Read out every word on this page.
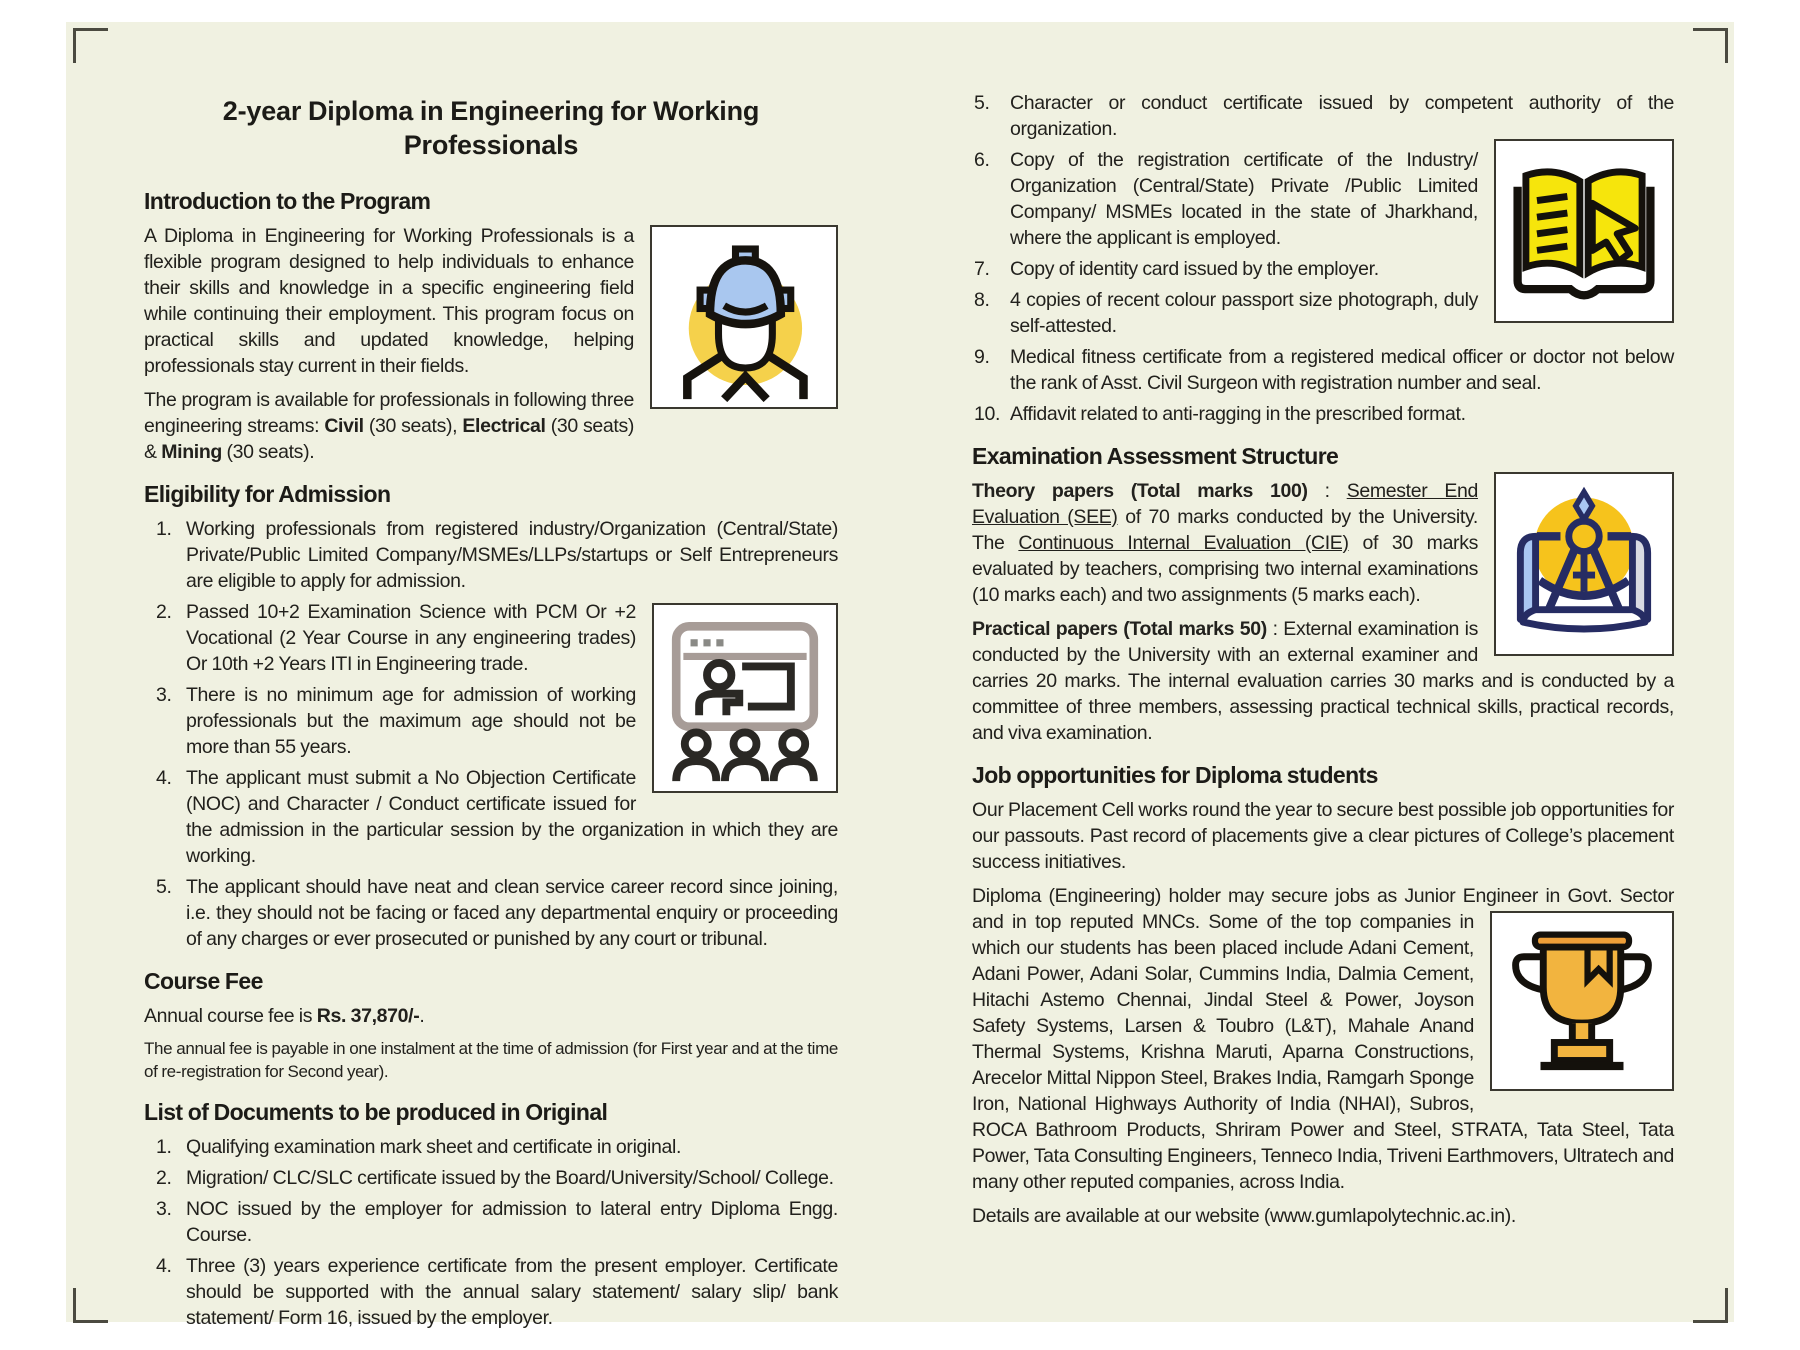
2-year Diploma in Engineering for Working Professionals
Introduction to the Program

A Diploma in Engineering for Working Professionals is a flexible program designed to help individuals to enhance their skills and knowledge in a specific engineering field while continuing their employment. This program focus on practical skills and updated knowledge, helping professionals stay current in their fields.

The program is available for professionals in following three engineering streams: Civil (30 seats), Electrical (30 seats) & Mining (30 seats).

Eligibility for Admission
1. Working professionals from registered industry/Organization (Central/State) Private/Public Limited Company/MSMEs/LLPs/startups or Self Entrepreneurs are eligible to apply for admission.
2. Passed 10+2 Examination Science with PCM Or +2 Vocational (2 Year Course in any engineering trades) Or 10th +2 Years ITI in Engineering trade.
3. There is no minimum age for admission of working professionals but the maximum age should not be more than 55 years.
4. The applicant must submit a No Objection Certificate (NOC) and Character / Conduct certificate issued for the admission in the particular session by the organization in which they are working.
5. The applicant should have neat and clean service career record since joining, i.e. they should not be facing or faced any departmental enquiry or proceeding of any charges or ever prosecuted or punished by any court or tribunal.
Course Fee

Annual course fee is Rs. 37,870/-.

The annual fee is payable in one instalment at the time of admission (for First year and at the time of re-registration for Second year).

List of Documents to be produced in Original
1. Qualifying examination mark sheet and certificate in original.
2. Migration/ CLC/SLC certificate issued by the Board/University/School/ College.
3. NOC issued by the employer for admission to lateral entry Diploma Engg. Course.
4. Three (3) years experience certificate from the present employer. Certificate should be supported with the annual salary statement/ salary slip/ bank statement/ Form 16, issued by the employer.
5.	Character or conduct certificate issued by competent authority of the organization.
6.	Copy of the registration certificate of the Industry/ Organization (Central/State) Private /Public Limited Company/ MSMEs located in the state of Jharkhand, where the applicant is employed.
7.	Copy of identity card issued by the employer.
8.	4 copies of recent colour passport size photograph, duly self-attested.
9.	Medical fitness certificate from a registered medical officer or doctor not below the rank of Asst. Civil Surgeon with registration number and seal.
10. Affidavit related to anti-ragging in the prescribed format.
Examination Assessment Structure

Theory papers (Total marks 100) : Semester End Evaluation (SEE) of 70 marks conducted by the University. The Continuous Internal Evaluation (CIE) of 30 marks evaluated by teachers, comprising two internal examinations (10 marks each) and two assignments (5 marks each).

Practical papers (Total marks 50) : External examination is conducted by the University with an external examiner and carries 20 marks. The internal evaluation carries 30 marks and is conducted by a committee of three members, assessing practical technical skills, practical records, and viva examination.

Job opportunities for Diploma students

Our Placement Cell works round the year to secure best possible job opportunities for our passouts. Past record of placements give a clear pictures of College’s placement success initiatives.

Diploma (Engineering) holder may secure jobs as Junior Engineer in Govt. Sector
and in top reputed MNCs. Some of the top companies in which our students has been placed include Adani Cement, Adani Power, Adani Solar, Cummins India, Dalmia Cement, Hitachi Astemo Chennai, Jindal Steel & Power, Joyson Safety Systems, Larsen & Toubro (L&T), Mahale Anand Thermal Systems, Krishna Maruti, Aparna Constructions, Arecelor Mittal Nippon Steel, Brakes India, Ramgarh Sponge Iron, National Highways Authority of India (NHAI), Subros, ROCA Bathroom Products, Shriram Power and Steel, STRATA, Tata Steel, Tata Power, Tata Consulting Engineers, Tenneco India, Triveni Earthmovers, Ultratech and many other reputed companies, across India.

Details are available at our website (www.gumlapolytechnic.ac.in).
